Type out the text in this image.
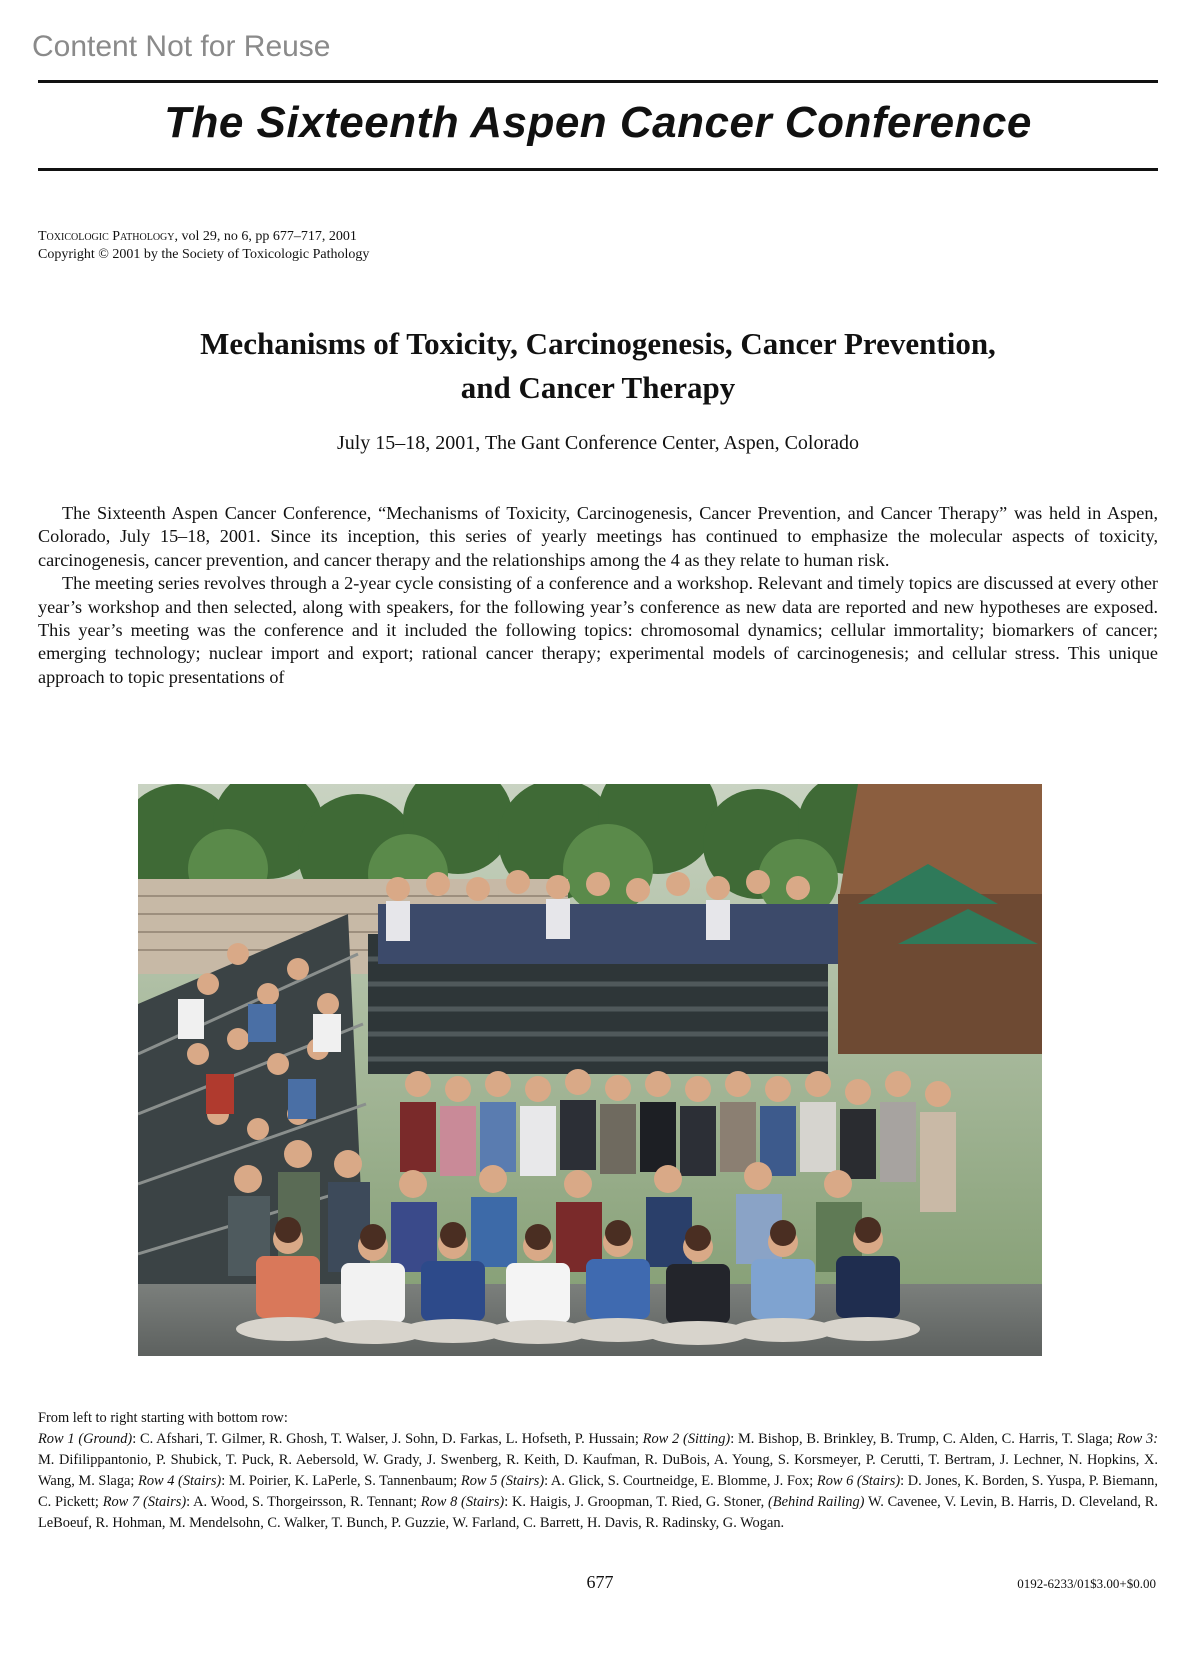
Content Not for Reuse
The Sixteenth Aspen Cancer Conference
Toxicologic Pathology, vol 29, no 6, pp 677–717, 2001
Copyright © 2001 by the Society of Toxicologic Pathology
Mechanisms of Toxicity, Carcinogenesis, Cancer Prevention,
and Cancer Therapy
July 15–18, 2001, The Gant Conference Center, Aspen, Colorado

The Sixteenth Aspen Cancer Conference, “Mechanisms of Toxicity, Carcinogenesis, Cancer Prevention, and Cancer Therapy” was held in Aspen, Colorado, July 15–18, 2001. Since its inception, this series of yearly meetings has continued to emphasize the molecular aspects of toxicity, carcinogenesis, cancer prevention, and cancer therapy and the relationships among the 4 as they relate to human risk.

The meeting series revolves through a 2-year cycle consisting of a conference and a workshop. Relevant and timely topics are discussed at every other year’s workshop and then selected, along with speakers, for the following year’s conference as new data are reported and new hypotheses are exposed. This year’s meeting was the conference and it included the following topics: chromosomal dynamics; cellular immortality; biomarkers of cancer; emerging technology; nuclear import and export; rational cancer therapy; experimental models of carcinogenesis; and cellular stress. This unique approach to topic presentations of

From left to right starting with bottom row:

Row 1 (Ground): C. Afshari, T. Gilmer, R. Ghosh, T. Walser, J. Sohn, D. Farkas, L. Hofseth, P. Hussain; Row 2 (Sitting): M. Bishop, B. Brinkley, B. Trump, C. Alden, C. Harris, T. Slaga; Row 3: M. Difilippantonio, P. Shubick, T. Puck, R. Aebersold, W. Grady, J. Swenberg, R. Keith, D. Kaufman, R. DuBois, A. Young, S. Korsmeyer, P. Cerutti, T. Bertram, J. Lechner, N. Hopkins, X. Wang, M. Slaga; Row 4 (Stairs): M. Poirier, K. LaPerle, S. Tannenbaum; Row 5 (Stairs): A. Glick, S. Courtneidge, E. Blomme, J. Fox; Row 6 (Stairs): D. Jones, K. Borden, S. Yuspa, P. Biemann, C. Pickett; Row 7 (Stairs): A. Wood, S. Thorgeirsson, R. Tennant; Row 8 (Stairs): K. Haigis, J. Groopman, T. Ried, G. Stoner, (Behind Railing) W. Cavenee, V. Levin, B. Harris, D. Cleveland, R. LeBoeuf, R. Hohman, M. Mendelsohn, C. Walker, T. Bunch, P. Guzzie, W. Farland, C. Barrett, H. Davis, R. Radinsky, G. Wogan.

677	0192-6233/01$3.00+$0.00
